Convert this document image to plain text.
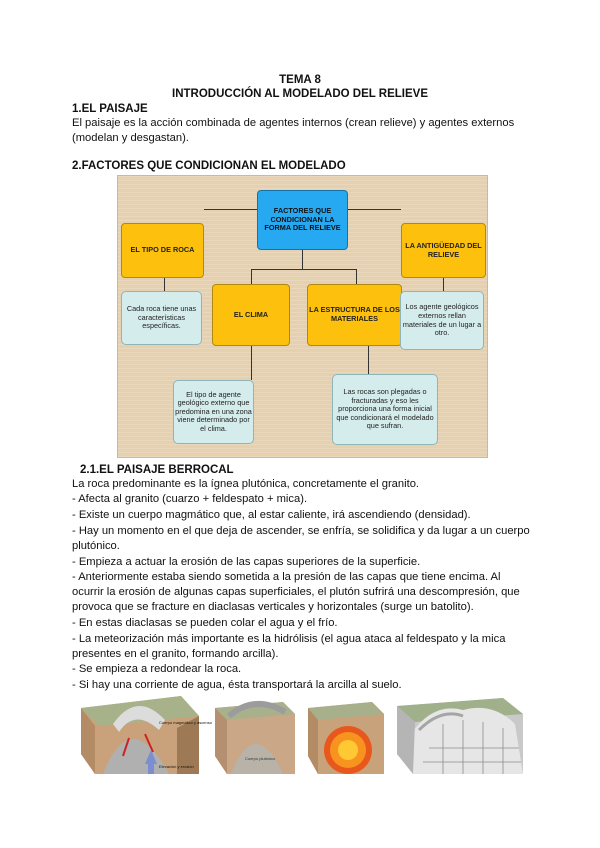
TEMA 8
INTRODUCCIÓN AL MODELADO DEL RELIEVE
1.EL PAISAJE
El paisaje es la acción combinada de agentes internos (crean relieve) y agentes externos
(modelan y desgastan).
2.FACTORES QUE CONDICIONAN EL MODELADO
FACTORES QUE CONDICIONAN LA FORMA DEL RELIEVE
EL TIPO DE ROCA	LA ANTIGÜEDAD DEL RELIEVE
EL CLIMA	LA ESTRUCTURA DE LOS MATERIALES
Cada roca tiene unas características específicas.
Los agente geológicos externos rellan materiales de un lugar a otro.
El tipo de agente geológico externo que predomina en una zona viene determinado por el clima.
Las rocas son plegadas o fracturadas y eso les proporciona una forma inicial que condicionará el modelado que sufran.
2.1.EL PAISAJE BERROCAL
La roca predominante es la ígnea plutónica, concretamente el granito.
- Afecta al granito (cuarzo + feldespato + mica).
- Existe un cuerpo magmático que, al estar caliente, irá ascendiendo (densidad).
- Hay un momento en el que deja de ascender, se enfría, se solidifica y da lugar a un cuerpo
plutónico.
- Empieza a actuar la erosión de las capas superiores de la superficie.
- Anteriormente estaba siendo sometida a la presión de las capas que tiene encima. Al
ocurrir la erosión de algunas capas superficiales, el plutón sufrirá una descompresión, que
provoca que se fracture en diaclasas verticales y horizontales (surge un batolito).
- En estas diaclasas se pueden colar el agua y el frío.
- La meteorización más importante es la hidrólisis (el agua ataca al feldespato y la mica
presentes en el granito, formando arcilla).
- Se empieza a redondear la roca.
- Si hay una corriente de agua, ésta transportará la arcilla al suelo.
Cuerpo magmático y ascenso
Elevación y erosión
Cuerpo plutónico
